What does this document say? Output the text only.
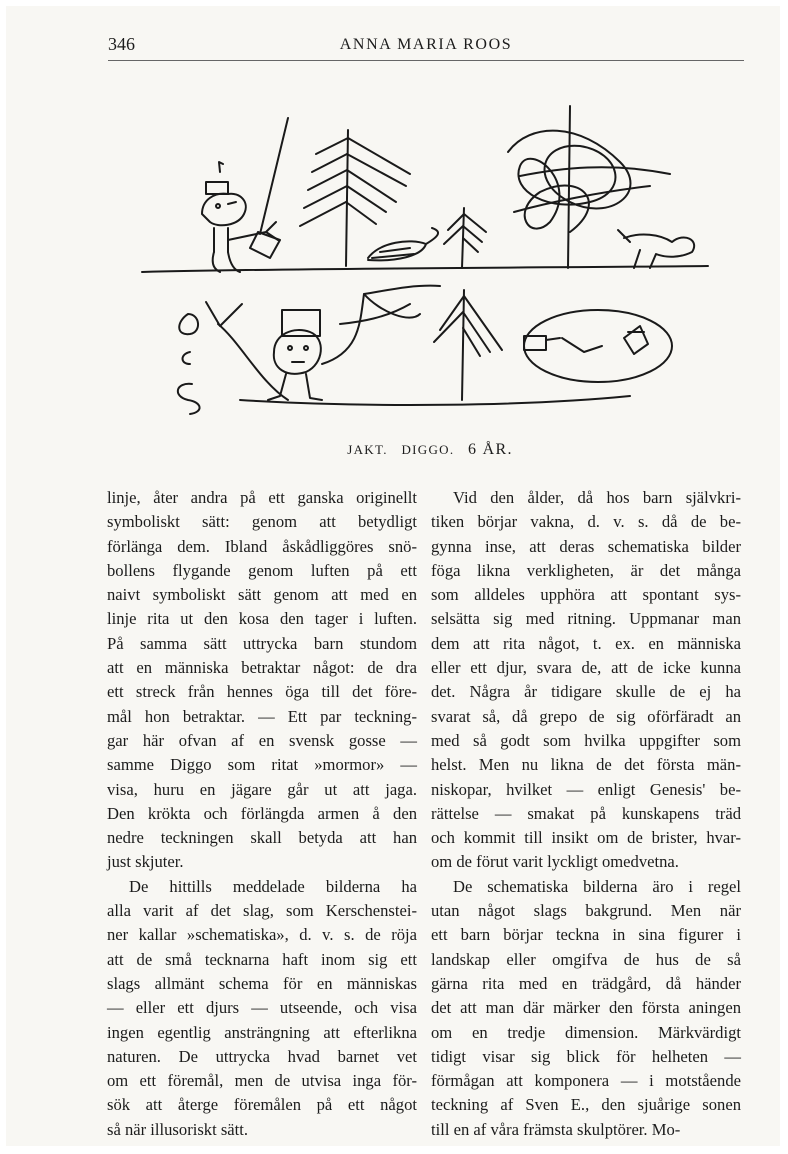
346	ANNA MARIA ROOS
JAKT. DIGGO. 6 ÅR.
linje, åter andra på ett ganska originellt
symboliskt sätt: genom att betydligt
förlänga dem. Ibland åskådliggöres snö-
bollens flygande genom luften på ett
naivt symboliskt sätt genom att med en
linje rita ut den kosa den tager i luften.
På samma sätt uttrycka barn stundom
att en människa betraktar något: de dra
ett streck från hennes öga till det före-
mål hon betraktar. — Ett par teckning-
gar här ofvan af en svensk gosse —
samme Diggo som ritat »mormor» —
visa, huru en jägare går ut att jaga.
Den krökta och förlängda armen å den
nedre teckningen skall betyda att han
just skjuter.
De hittills meddelade bilderna ha
alla varit af det slag, som Kerschenstei-
ner kallar »schematiska», d. v. s. de röja
att de små tecknarna haft inom sig ett
slags allmänt schema för en människas
— eller ett djurs — utseende, och visa
ingen egentlig ansträngning att efterlikna
naturen. De uttrycka hvad barnet vet
om ett föremål, men de utvisa inga för-
sök att återge föremålen på ett något
så när illusoriskt sätt.
Vid den ålder, då hos barn självkri-
tiken börjar vakna, d. v. s. då de be-
gynna inse, att deras schematiska bilder
föga likna verkligheten, är det många
som alldeles upphöra att spontant sys-
selsätta sig med ritning. Uppmanar man
dem att rita något, t. ex. en människa
eller ett djur, svara de, att de icke kunna
det. Några år tidigare skulle de ej ha
svarat så, då grepo de sig oförfäradt an
med så godt som hvilka uppgifter som
helst. Men nu likna de det första män-
niskopar, hvilket — enligt Genesis' be-
rättelse — smakat på kunskapens träd
och kommit till insikt om de brister, hvar-
om de förut varit lyckligt omedvetna.
De schematiska bilderna äro i regel
utan något slags bakgrund. Men när
ett barn börjar teckna in sina figurer i
landskap eller omgifva de hus de så
gärna rita med en trädgård, då händer
det att man där märker den första aningen
om en tredje dimension. Märkvärdigt
tidigt visar sig blick för helheten —
förmågan att komponera — i motstående
teckning af Sven E., den sjuårige sonen
till en af våra främsta skulptörer. Mo-
